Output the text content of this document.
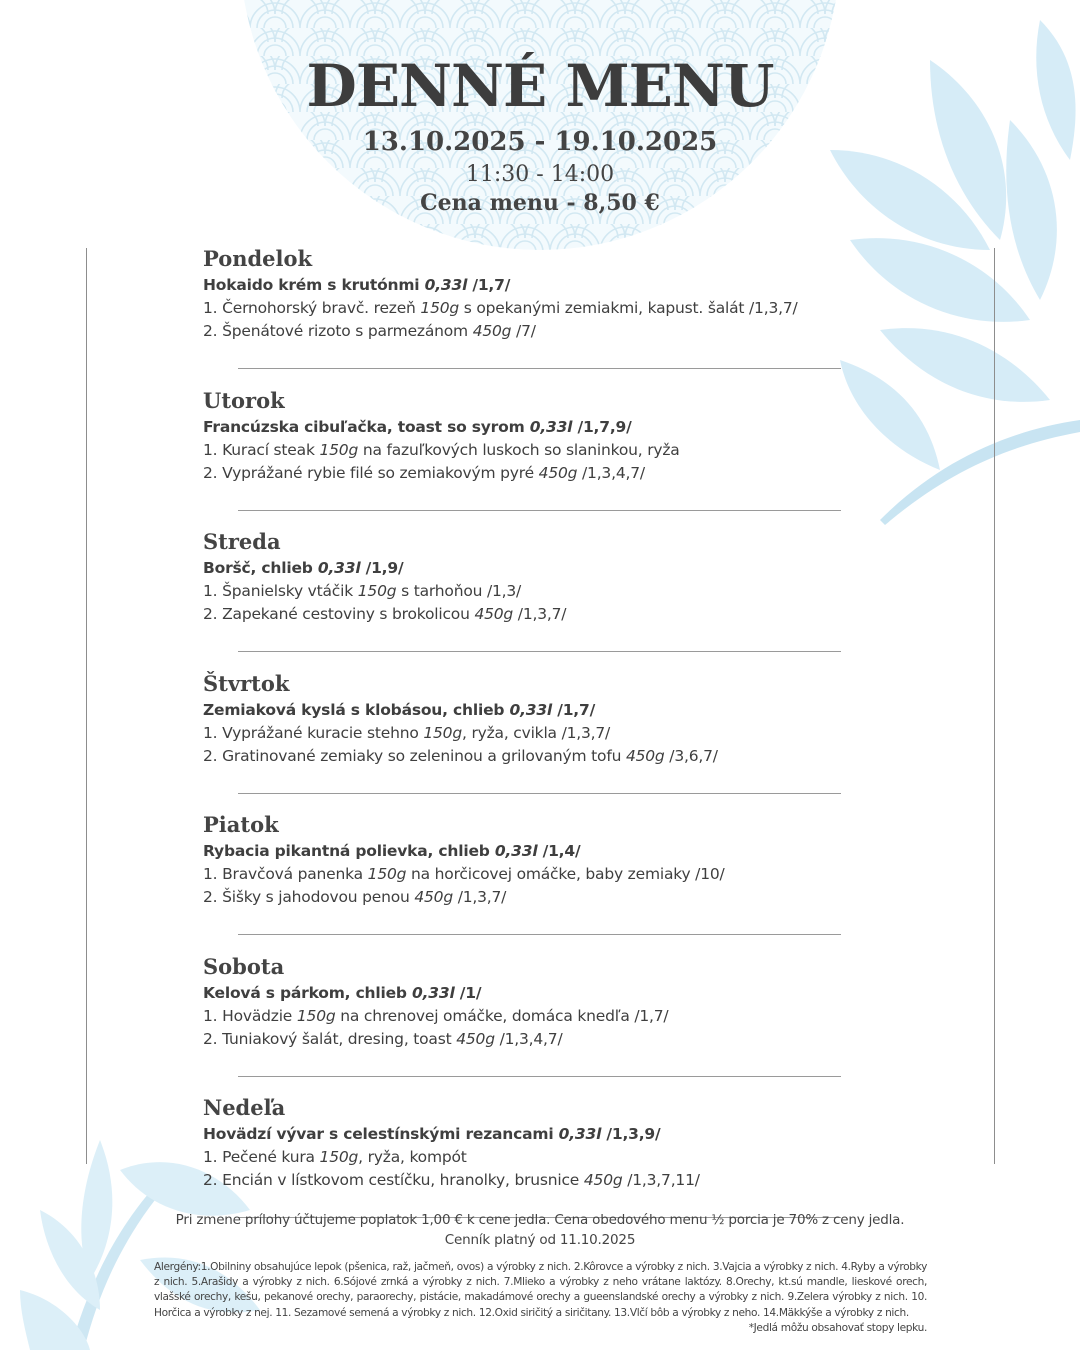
DENNÉ MENU
13.10.2025 - 19.10.2025
11:30 - 14:00
Cena menu - 8,50 €
Pondelok
Hokaido krém s krutónmi 0,33l /1,7/
1. Černohorský bravč. rezeň 150g s opekanými zemiakmi, kapust. šalát /1,3,7/
2. Špenátové rizoto s parmezánom 450g /7/
Utorok
Francúzska cibuľačka, toast so syrom 0,33l /1,7,9/
1. Kurací steak 150g na fazuľkových luskoch so slaninkou, ryža
2. Vyprážané rybie filé so zemiakovým pyré 450g /1,3,4,7/
Streda
Boršč, chlieb 0,33l /1,9/
1. Španielsky vtáčik 150g s tarhoňou /1,3/
2. Zapekané cestoviny s brokolicou 450g /1,3,7/
Štvrtok
Zemiaková kyslá s klobásou, chlieb 0,33l /1,7/
1. Vyprážané kuracie stehno 150g, ryža, cvikla /1,3,7/
2. Gratinované zemiaky so zeleninou a grilovaným tofu 450g /3,6,7/
Piatok
Rybacia pikantná polievka, chlieb 0,33l /1,4/
1. Bravčová panenka 150g na horčicovej omáčke, baby zemiaky /10/
2. Šišky s jahodovou penou 450g /1,3,7/
Sobota
Kelová s párkom, chlieb 0,33l /1/
1. Hovädzie 150g na chrenovej omáčke, domáca knedľa /1,7/
2. Tuniakový šalát, dresing, toast 450g /1,3,4,7/
Nedeľa
Hovädzí vývar s celestínskými rezancami 0,33l /1,3,9/
1. Pečené kura 150g, ryža, kompót
2. Encián v lístkovom cestíčku, hranolky, brusnice 450g /1,3,7,11/
Pri zmene prílohy účtujeme poplatok 1,00 € k cene jedla. Cena obedového menu ½ porcia je 70% z ceny jedla.
Cenník platný od 11.10.2025
Alergény:1.Obilniny obsahujúce lepok (pšenica, raž, jačmeň, ovos) a výrobky z nich. 2.Kôrovce a výrobky z nich. 3.Vajcia a výrobky z nich. 4.Ryby a výrobky z nich. 5.Arašidy a výrobky z nich. 6.Sójové zrnká a výrobky z nich. 7.Mlieko a výrobky z neho vrátane laktózy. 8.Orechy, kt.sú mandle, lieskové orech, vlašské orechy, kešu, pekanové orechy, paraorechy, pistácie, makadámové orechy a gueenslandské orechy a výrobky z nich. 9.Zelera výrobky z nich. 10. Horčica a výrobky z nej. 11. Sezamové semená a výrobky z nich. 12.Oxid siričitý a siričitany. 13.Vlčí bôb a výrobky z neho. 14.Mäkkýše a výrobky z nich.
*Jedlá môžu obsahovať stopy lepku.
